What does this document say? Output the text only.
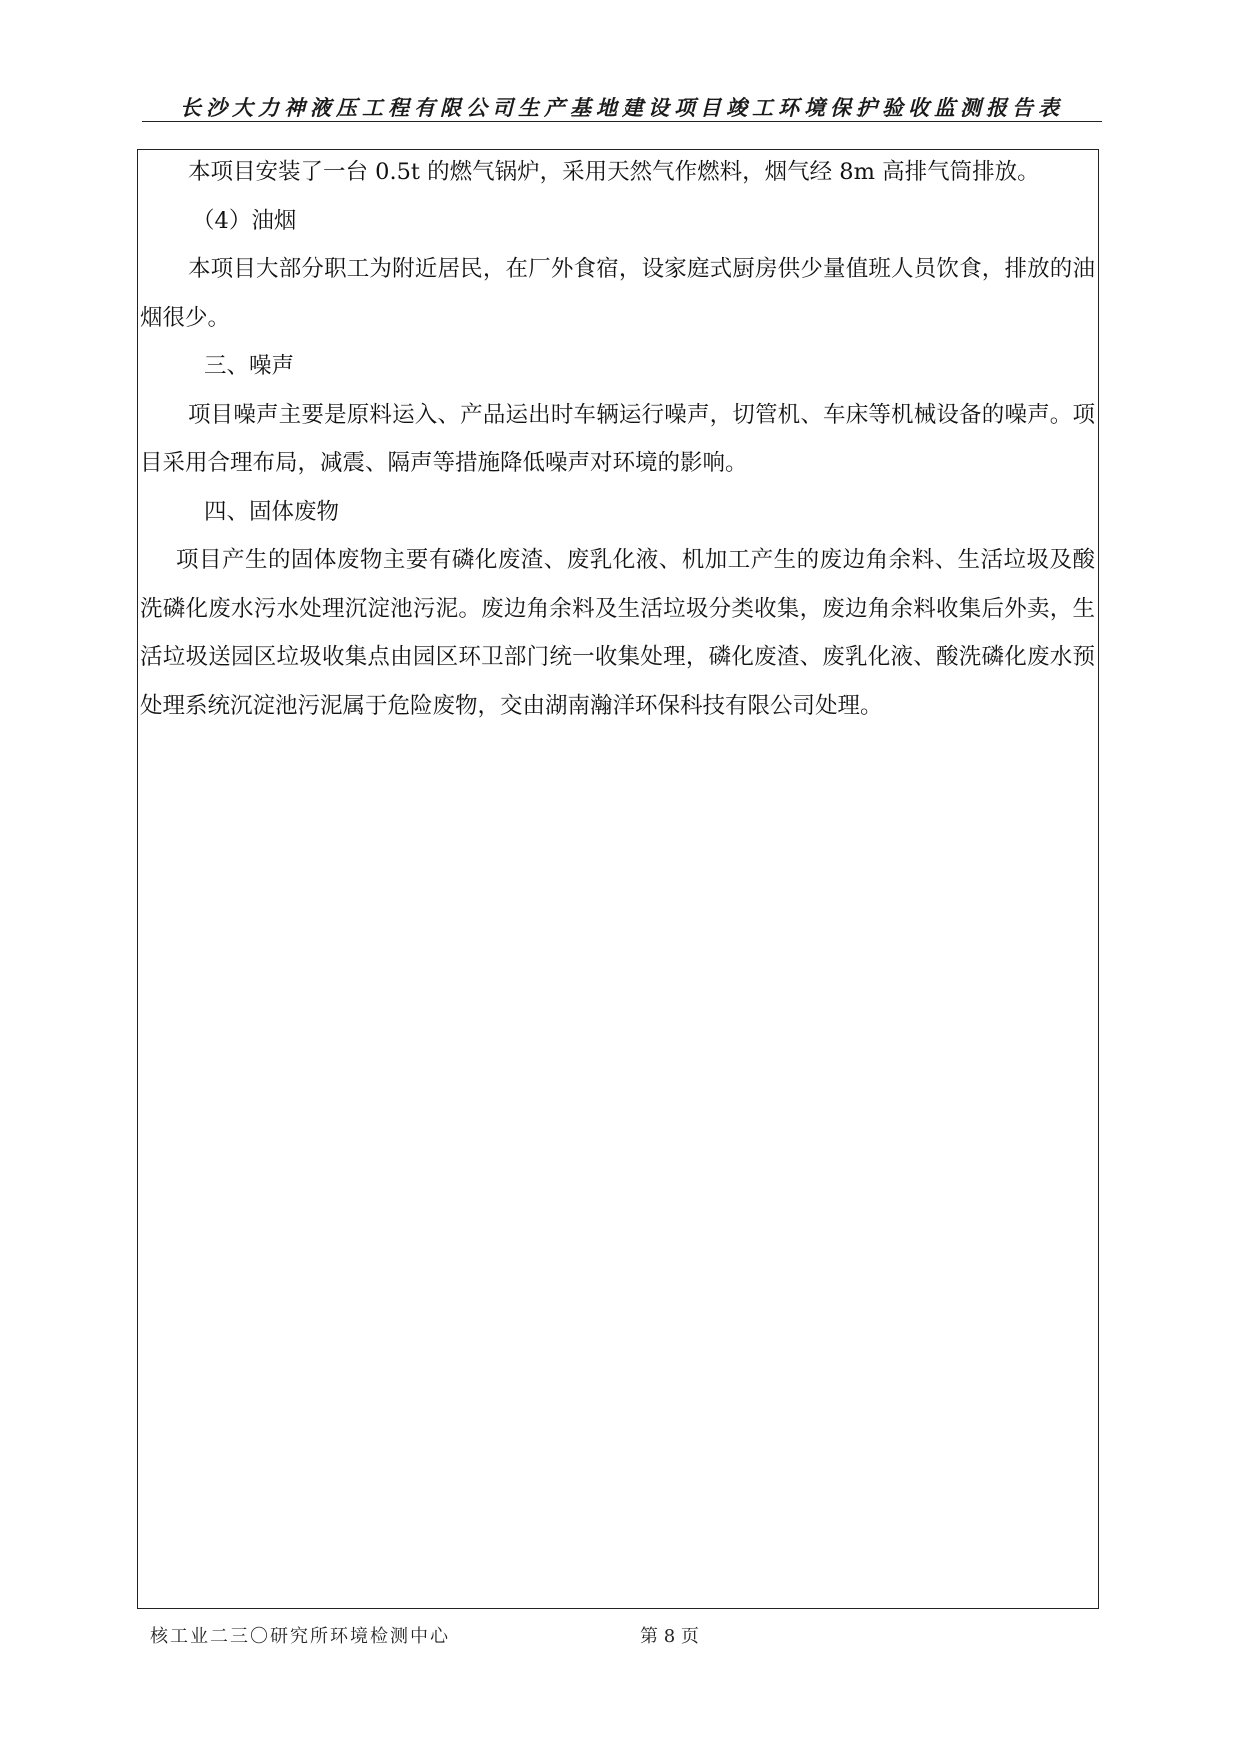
长沙大力神液压工程有限公司生产基地建设项目竣工环境保护验收监测报告表

本项目安装了一台 0.5t 的燃气锅炉，采用天然气作燃料，烟气经 8m 高排气筒排放。

（4）油烟

本项目大部分职工为附近居民，在厂外食宿，设家庭式厨房供少量值班人员饮食，排放的油烟很少。

三、噪声

项目噪声主要是原料运入、产品运出时车辆运行噪声，切管机、车床等机械设备的噪声。项目采用合理布局，减震、隔声等措施降低噪声对环境的影响。

四、固体废物

项目产生的固体废物主要有磷化废渣、废乳化液、机加工产生的废边角余料、生活垃圾及酸洗磷化废水污水处理沉淀池污泥。废边角余料及生活垃圾分类收集，废边角余料收集后外卖，生活垃圾送园区垃圾收集点由园区环卫部门统一收集处理，磷化废渣、废乳化液、酸洗磷化废水预处理系统沉淀池污泥属于危险废物，交由湖南瀚洋环保科技有限公司处理。

核工业二三〇研究所环境检测中心	第 8 页
